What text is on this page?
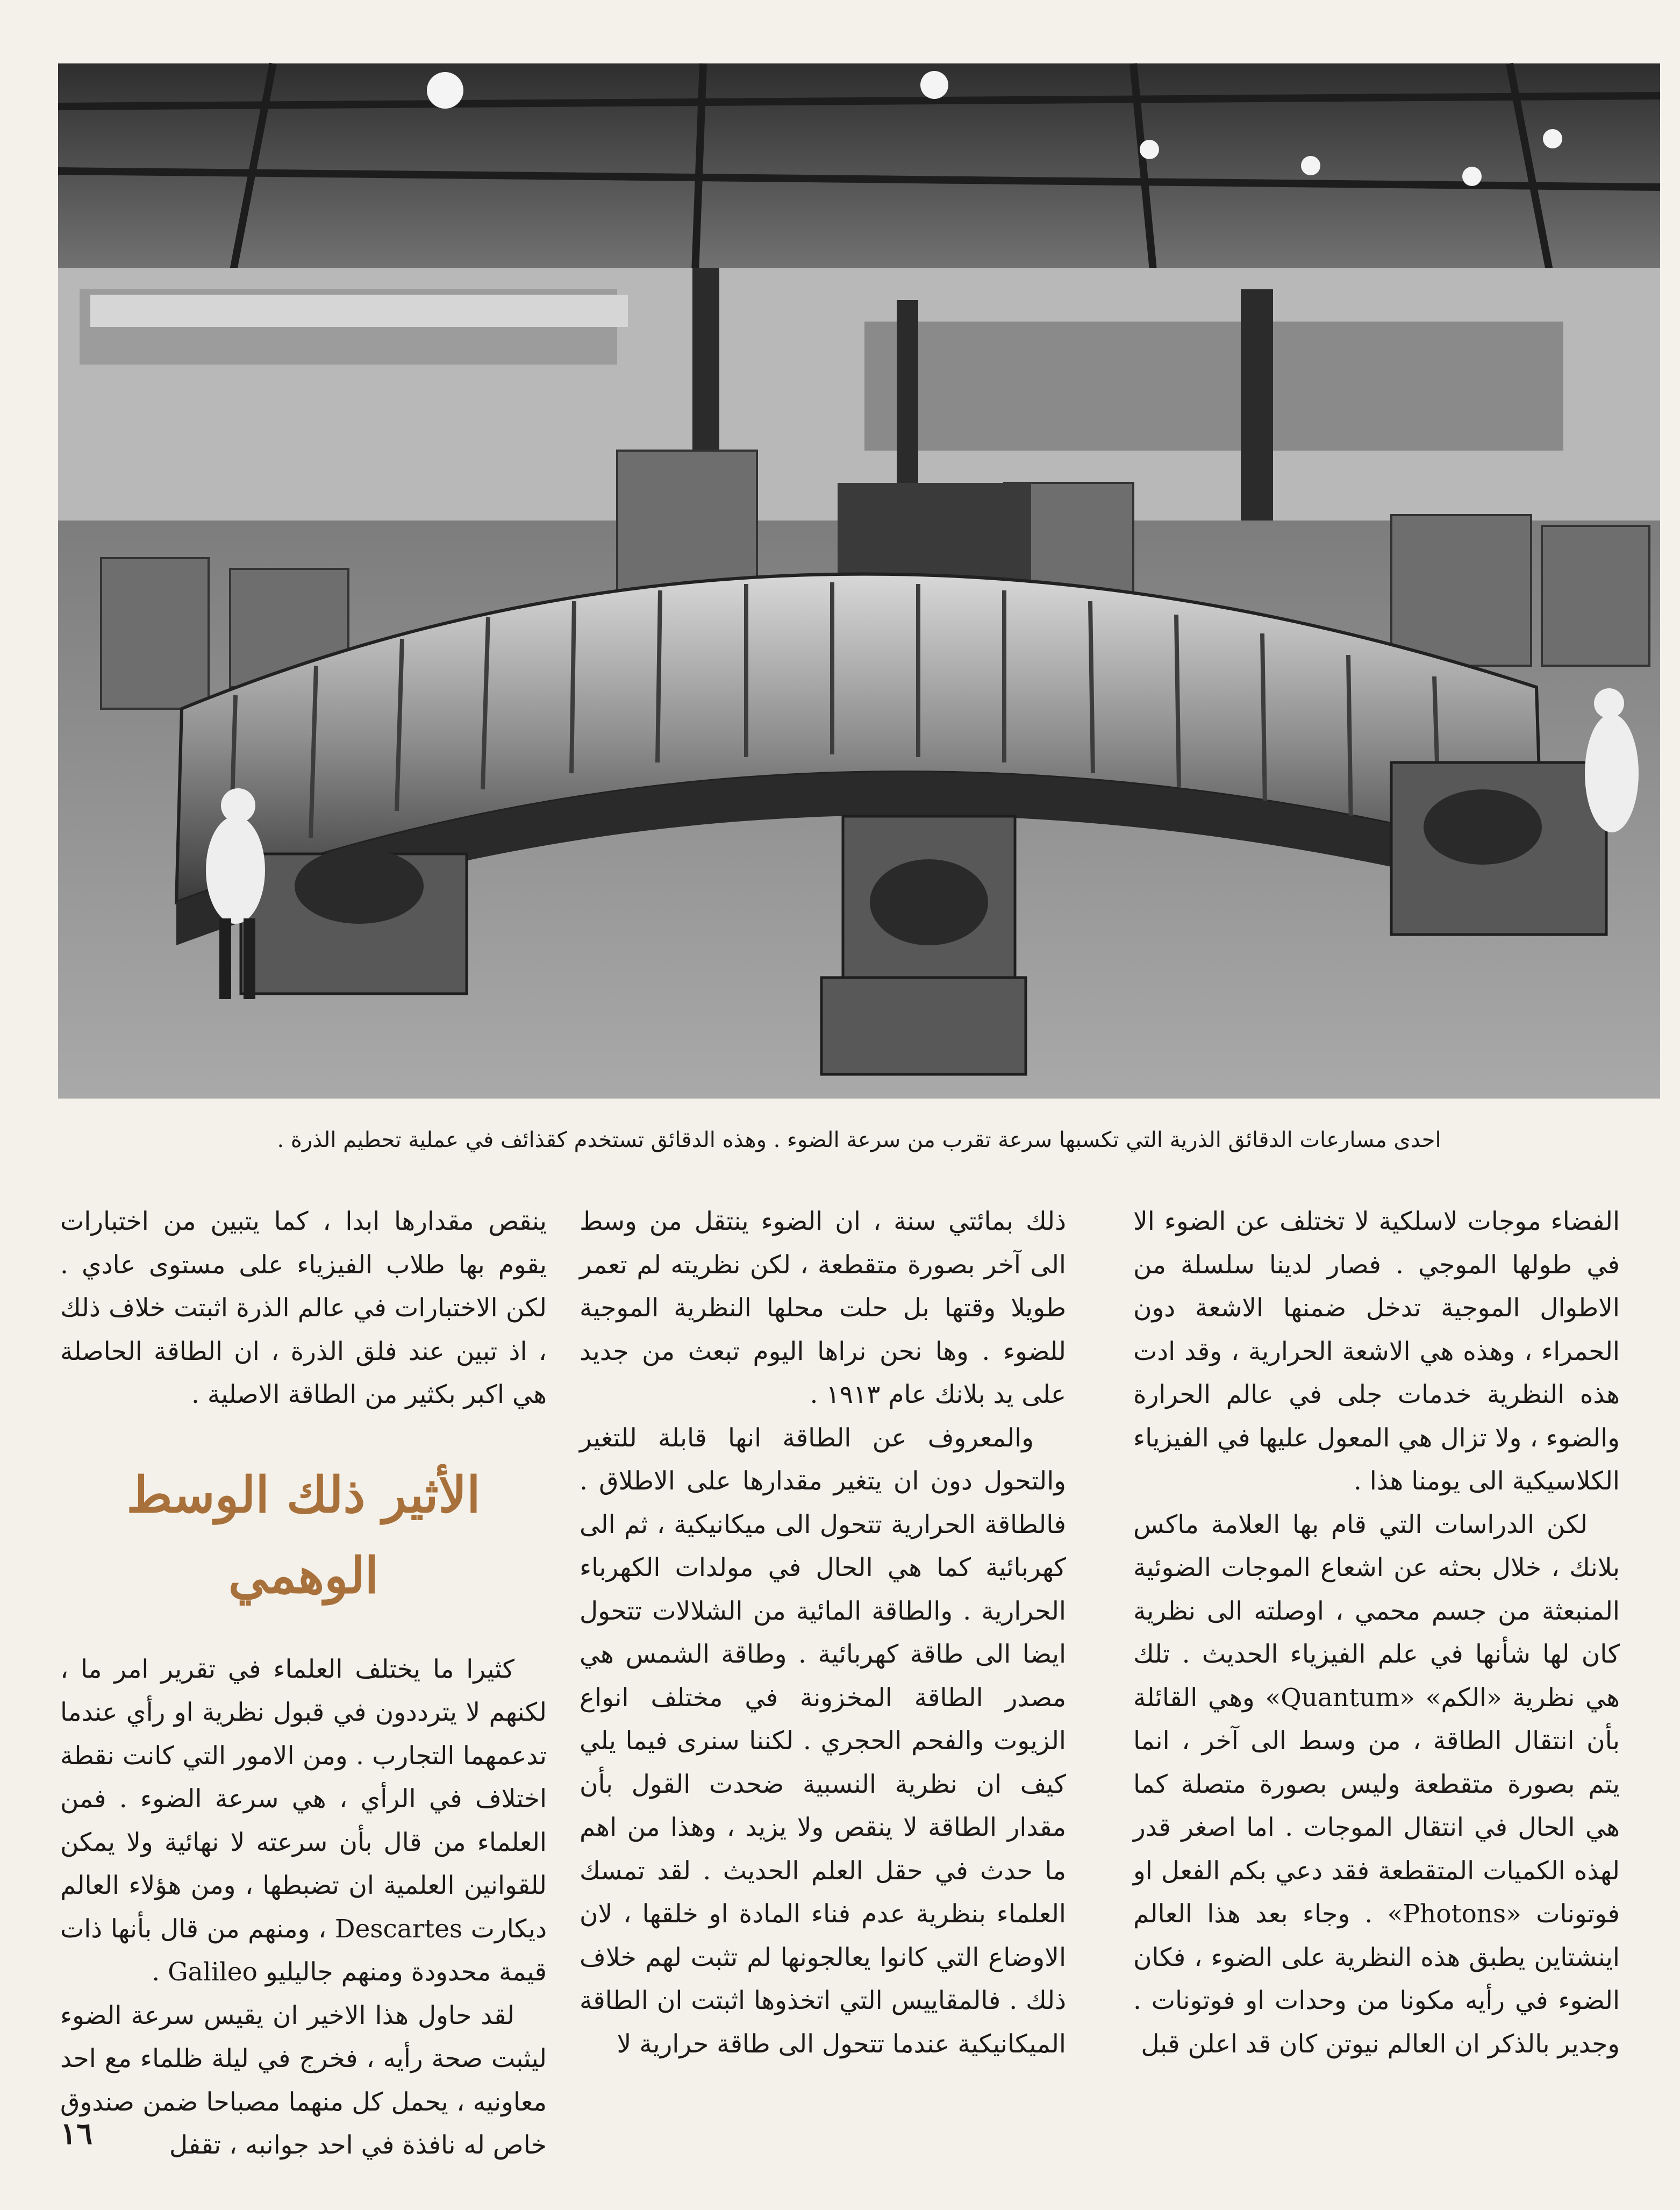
احدى مسارعات الدقائق الذرية التي تكسبها سرعة تقرب من سرعة الضوء . وهذه الدقائق تستخدم كقذائف في عملية تحطيم الذرة .

الفضاء موجات لاسلكية لا تختلف عن الضوء الا في طولها الموجي . فصار لدينا سلسلة من الاطوال الموجية تدخل ضمنها الاشعة دون الحمراء ، وهذه هي الاشعة الحرارية ، وقد ادت هذه النظرية خدمات جلى في عالم الحرارة والضوء ، ولا تزال هي المعول عليها في الفيزياء الكلاسيكية الى يومنا هذا .

لكن الدراسات التي قام بها العلامة ماكس بلانك ، خلال بحثه عن اشعاع الموجات الضوئية المنبعثة من جسم محمي ، اوصلته الى نظرية كان لها شأنها في علم الفيزياء الحديث . تلك هي نظرية «الكم» «Quantum» وهي القائلة بأن انتقال الطاقة ، من وسط الى آخر ، انما يتم بصورة متقطعة وليس بصورة متصلة كما هي الحال في انتقال الموجات . اما اصغر قدر لهذه الكميات المتقطعة فقد دعي بكم الفعل او فوتونات «Photons» . وجاء بعد هذا العالم اينشتاين يطبق هذه النظرية على الضوء ، فكان الضوء في رأيه مكونا من وحدات او فوتونات . وجدير بالذكر ان العالم نيوتن كان قد اعلن قبل

ذلك بمائتي سنة ، ان الضوء ينتقل من وسط الى آخر بصورة متقطعة ، لكن نظريته لم تعمر طويلا وقتها بل حلت محلها النظرية الموجية للضوء . وها نحن نراها اليوم تبعث من جديد على يد بلانك عام ١٩١٣ .

والمعروف عن الطاقة انها قابلة للتغير والتحول دون ان يتغير مقدارها على الاطلاق . فالطاقة الحرارية تتحول الى ميكانيكية ، ثم الى كهربائية كما هي الحال في مولدات الكهرباء الحرارية . والطاقة المائية من الشلالات تتحول ايضا الى طاقة كهربائية . وطاقة الشمس هي مصدر الطاقة المخزونة في مختلف انواع الزيوت والفحم الحجري . لكننا سنرى فيما يلي كيف ان نظرية النسبية ضحدت القول بأن مقدار الطاقة لا ينقص ولا يزيد ، وهذا من اهم ما حدث في حقل العلم الحديث . لقد تمسك العلماء بنظرية عدم فناء المادة او خلقها ، لان الاوضاع التي كانوا يعالجونها لم تثبت لهم خلاف ذلك . فالمقاييس التي اتخذوها اثبتت ان الطاقة الميكانيكية عندما تتحول الى طاقة حرارية لا

ينقص مقدارها ابدا ، كما يتبين من اختبارات يقوم بها طلاب الفيزياء على مستوى عادي . لكن الاختبارات في عالم الذرة اثبتت خلاف ذلك ، اذ تبين عند فلق الذرة ، ان الطاقة الحاصلة هي اكبر بكثير من الطاقة الاصلية .

الأثير ذلك الوسط الوهمي

كثيرا ما يختلف العلماء في تقرير امر ما ، لكنهم لا يترددون في قبول نظرية او رأي عندما تدعمهما التجارب . ومن الامور التي كانت نقطة اختلاف في الرأي ، هي سرعة الضوء . فمن العلماء من قال بأن سرعته لا نهائية ولا يمكن للقوانين العلمية ان تضبطها ، ومن هؤلاء العالم ديكارت Descartes ، ومنهم من قال بأنها ذات قيمة محدودة ومنهم جاليليو Galileo .

لقد حاول هذا الاخير ان يقيس سرعة الضوء ليثبت صحة رأيه ، فخرج في ليلة ظلماء مع احد معاونيه ، يحمل كل منهما مصباحا ضمن صندوق خاص له نافذة في احد جوانبه ، تقفل

١٦
